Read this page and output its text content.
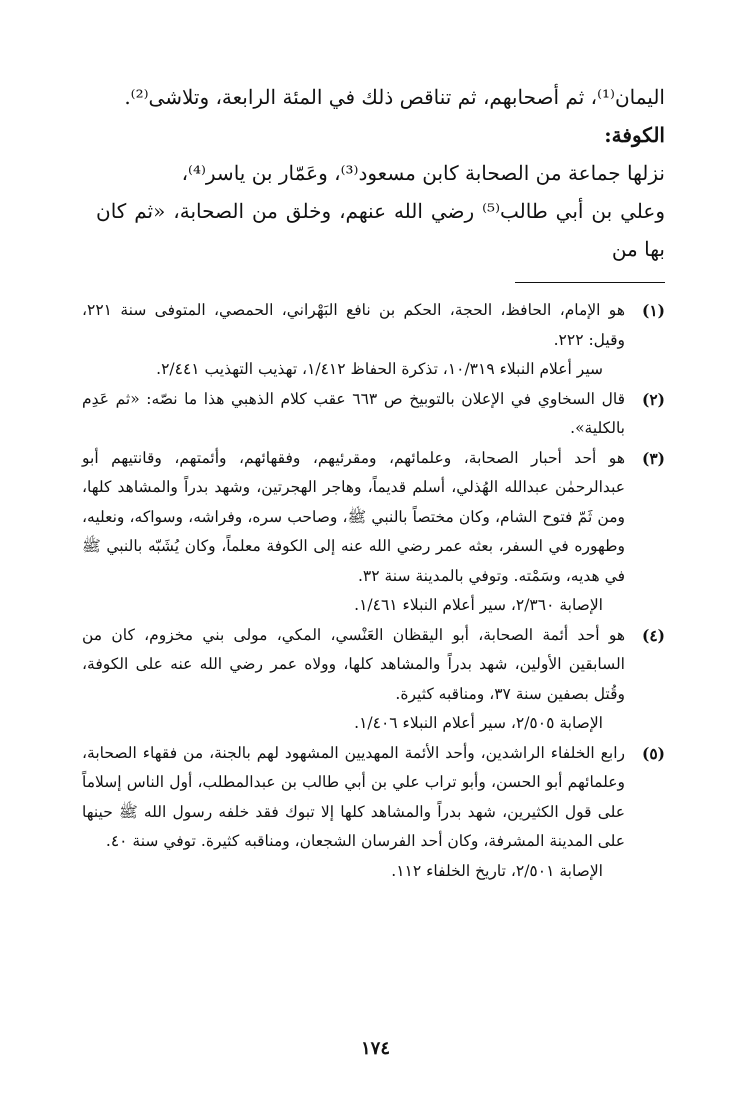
اليمان⁽¹⁾، ثم أصحابهم، ثم تناقص ذلك في المئة الرابعة، وتلاشى⁽²⁾.

الكوفة:

نزلها جماعة من الصحابة كابن مسعود⁽³⁾، وعَمّار بن ياسر⁽⁴⁾،

وعلي بن أبي طالب⁽⁵⁾ رضي الله عنهم، وخلق من الصحابة، «ثم كان بها من

(١)
هو الإمام، الحافظ، الحجة، الحكم بن نافع البَهْراني، الحمصي، المتوفى سنة ٢٢١، وقيل: ٢٢٢.
سير أعلام النبلاء ١٠/٣١٩، تذكرة الحفاظ ١/٤١٢، تهذيب التهذيب ٢/٤٤١.
(٢)
قال السخاوي في الإعلان بالتوبيخ ص ٦٦٣ عقب كلام الذهبي هذا ما نصّه: «ثم عَدِم بالكلية».
(٣)
هو أحد أحبار الصحابة، وعلمائهم، ومقرئيهم، وفقهائهم، وأئمتهم، وقانتيهم أبو عبدالرحمٰن عبدالله الهُذلي، أسلم قديماً، وهاجر الهجرتين، وشهد بدراً والمشاهد كلها، ومن ثَمّ فتوح الشام، وكان مختصاً بالنبي ﷺ، وصاحب سره، وفراشه، وسواكه، ونعليه، وطهوره في السفر، بعثه عمر رضي الله عنه إلى الكوفة معلماً، وكان يُشَبّه بالنبي ﷺ في هديه، وسَمْته. وتوفي بالمدينة سنة ٣٢.
الإصابة ٢/٣٦٠، سير أعلام النبلاء ١/٤٦١.
(٤)
هو أحد أئمة الصحابة، أبو اليقظان العَنْسي، المكي، مولى بني مخزوم، كان من السابقين الأولين، شهد بدراً والمشاهد كلها، وولاه عمر رضي الله عنه على الكوفة، وقُتل بصفين سنة ٣٧، ومناقبه كثيرة.
الإصابة ٢/٥٠٥، سير أعلام النبلاء ١/٤٠٦.
(٥)
رابع الخلفاء الراشدين، وأحد الأئمة المهديين المشهود لهم بالجنة، من فقهاء الصحابة، وعلمائهم أبو الحسن، وأبو تراب علي بن أبي طالب بن عبدالمطلب، أول الناس إسلاماً على قول الكثيرين، شهد بدراً والمشاهد كلها إلا تبوك فقد خلفه رسول الله ﷺ حينها على المدينة المشرفة، وكان أحد الفرسان الشجعان، ومناقبه كثيرة. توفي سنة ٤٠.
الإصابة ٢/٥٠١، تاريخ الخلفاء ١١٢.
١٧٤
